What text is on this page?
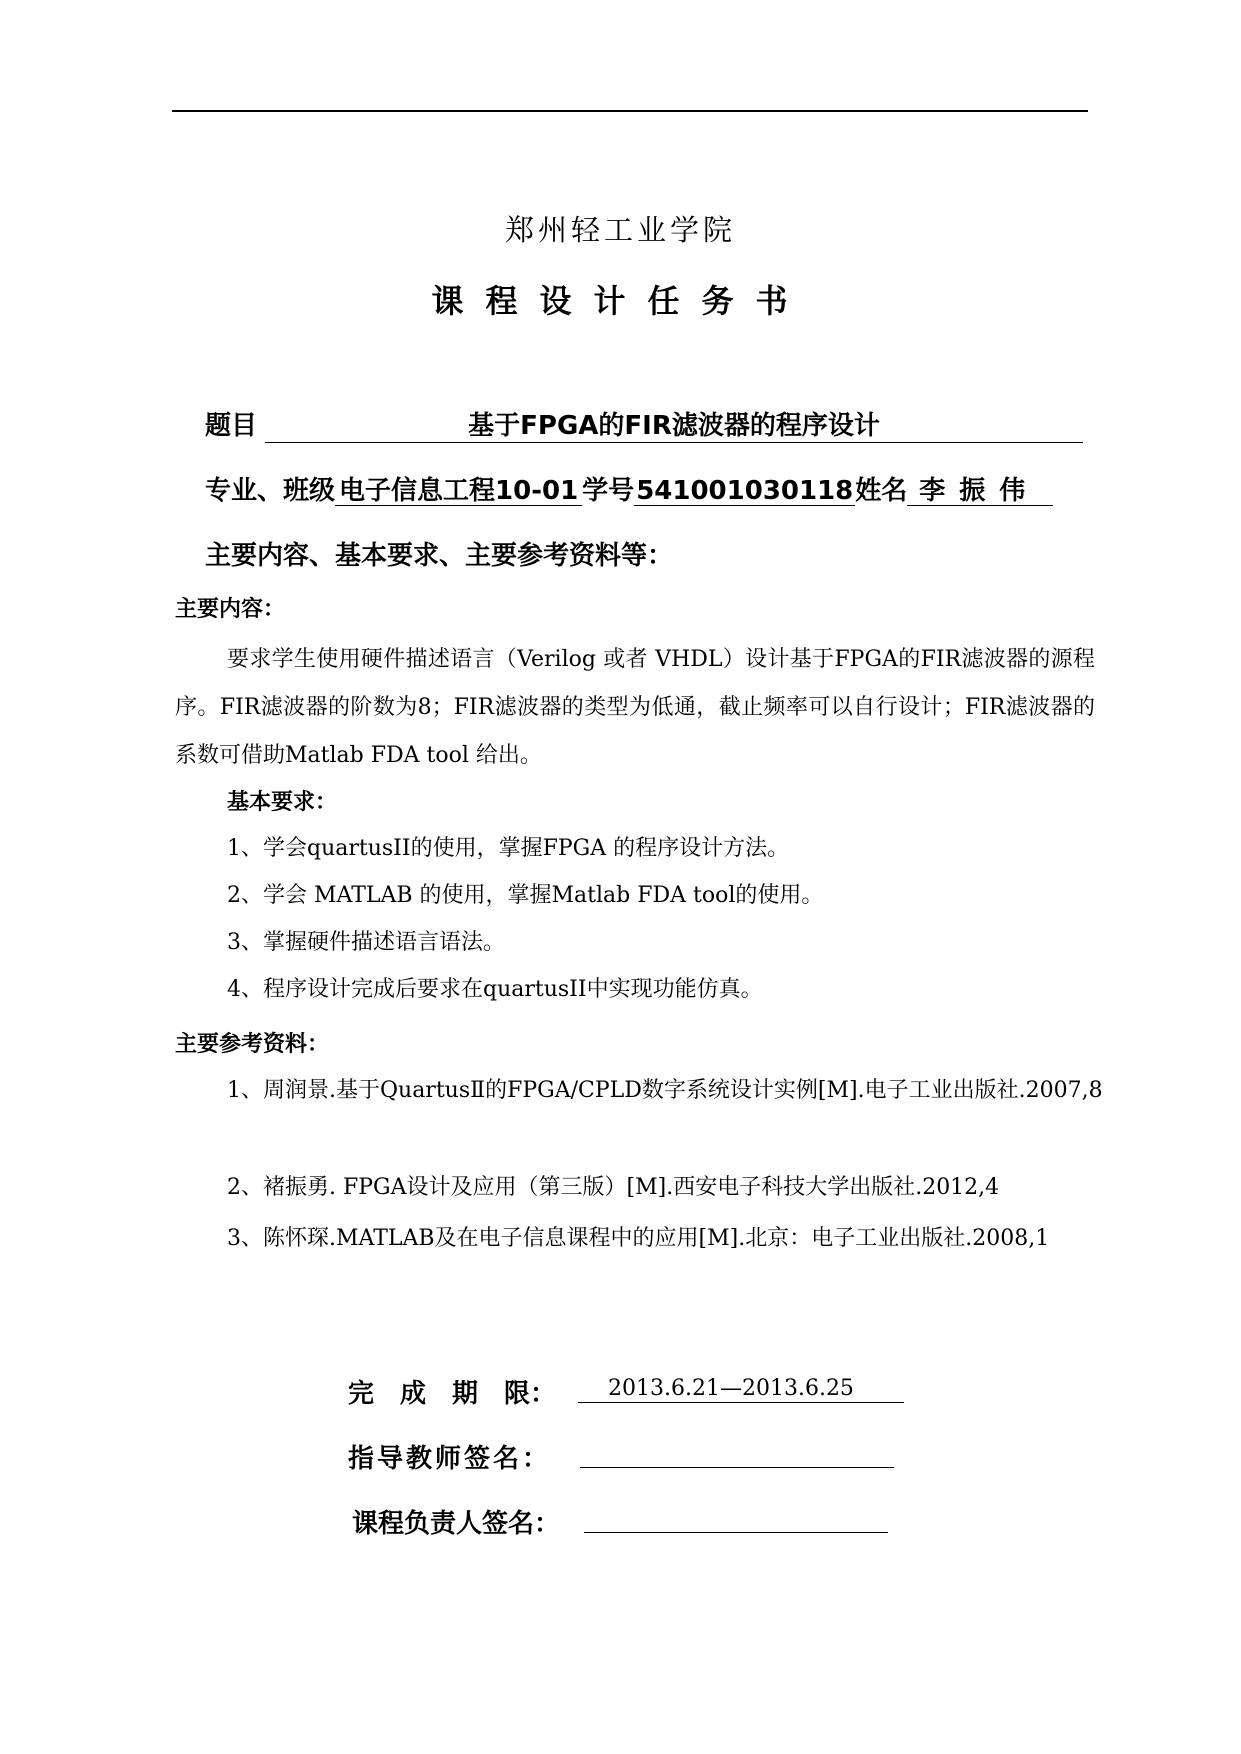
郑州轻工业学院
课程设计任务书
题目	基于FPGA的FIR滤波器的程序设计
专业、班级 电子信息工程10-01 学号541001030118姓名 李振伟
主要内容、基本要求、主要参考资料等：
主要内容：
要求学生使用硬件描述语言（Verilog 或者 VHDL）设计基于FPGA的FIR滤波器的源程序。FIR滤波器的阶数为8；FIR滤波器的类型为低通，截止频率可以自行设计；FIR滤波器的系数可借助Matlab FDA tool 给出。
基本要求：
1、学会quartusII的使用，掌握FPGA 的程序设计方法。
2、学会 MATLAB 的使用，掌握Matlab FDA tool的使用。
3、掌握硬件描述语言语法。
4、程序设计完成后要求在quartusII中实现功能仿真。
主要参考资料：
1、周润景.基于QuartusⅡ的FPGA/CPLD数字系统设计实例[M].电子工业出版社.2007,8
2、褚振勇. FPGA设计及应用（第三版）[M].西安电子科技大学出版社.2012,4
3、陈怀琛.MATLAB及在电子信息课程中的应用[M].北京：电子工业出版社.2008,1
完　成　期　限：	2013.6.21—2013.6.25
指导教师签名：
课程负责人签名：
